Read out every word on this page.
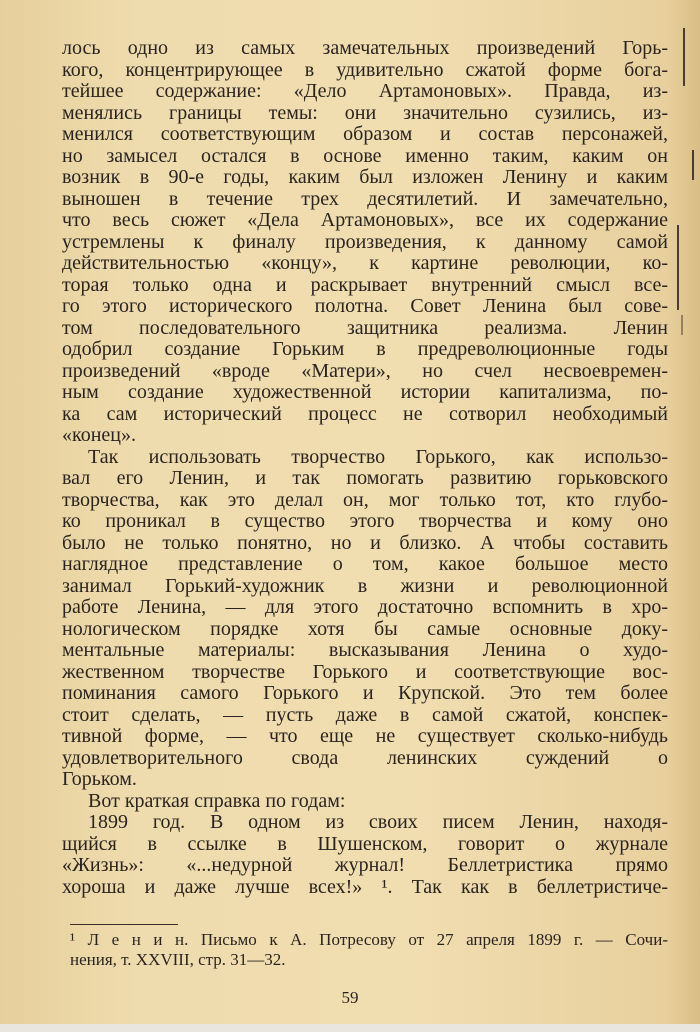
лось одно из самых замечательных произведений Горь-
кого, концентрирующее в удивительно сжатой форме бога-
тейшее содержание: «Дело Артамоновых». Правда, из-
менялись границы темы: они значительно сузились, из-
менился соответствующим образом и состав персонажей,
но замысел остался в основе именно таким, каким он
возник в 90-е годы, каким был изложен Ленину и каким
выношен в течение трех десятилетий. И замечательно,
что весь сюжет «Дела Артамоновых», все их содержание
устремлены к финалу произведения, к данному самой
действительностью «концу», к картине революции, ко-
торая только одна и раскрывает внутренний смысл все-
го этого исторического полотна. Совет Ленина был сове-
том последовательного защитника реализма. Ленин
одобрил создание Горьким в предреволюционные годы
произведений «вроде «Матери», но счел несвоевремен-
ным создание художественной истории капитализма, по-
ка сам исторический процесс не сотворил необходимый
«конец».
Так использовать творчество Горького, как использо-
вал его Ленин, и так помогать развитию горьковского
творчества, как это делал он, мог только тот, кто глубо-
ко проникал в существо этого творчества и кому оно
было не только понятно, но и близко. А чтобы составить
наглядное представление о том, какое большое место
занимал Горький-художник в жизни и революционной
работе Ленина, — для этого достаточно вспомнить в хро-
нологическом порядке хотя бы самые основные доку-
ментальные материалы: высказывания Ленина о худо-
жественном творчестве Горького и соответствующие вос-
поминания самого Горького и Крупской. Это тем более
стоит сделать, — пусть даже в самой сжатой, конспек-
тивной форме, — что еще не существует сколько-нибудь
удовлетворительного свода ленинских суждений о
Горьком.
Вот краткая справка по годам:
1899 год. В одном из своих писем Ленин, находя-
щийся в ссылке в Шушенском, говорит о журнале
«Жизнь»: «...недурной журнал! Беллетристика прямо
хороша и даже лучше всех!» ¹. Так как в беллетристиче-
¹ Л е н и н. Письмо к А. Потресову от 27 апреля 1899 г. — Сочи-
нения, т. XXVIII, стр. 31—32.
59
